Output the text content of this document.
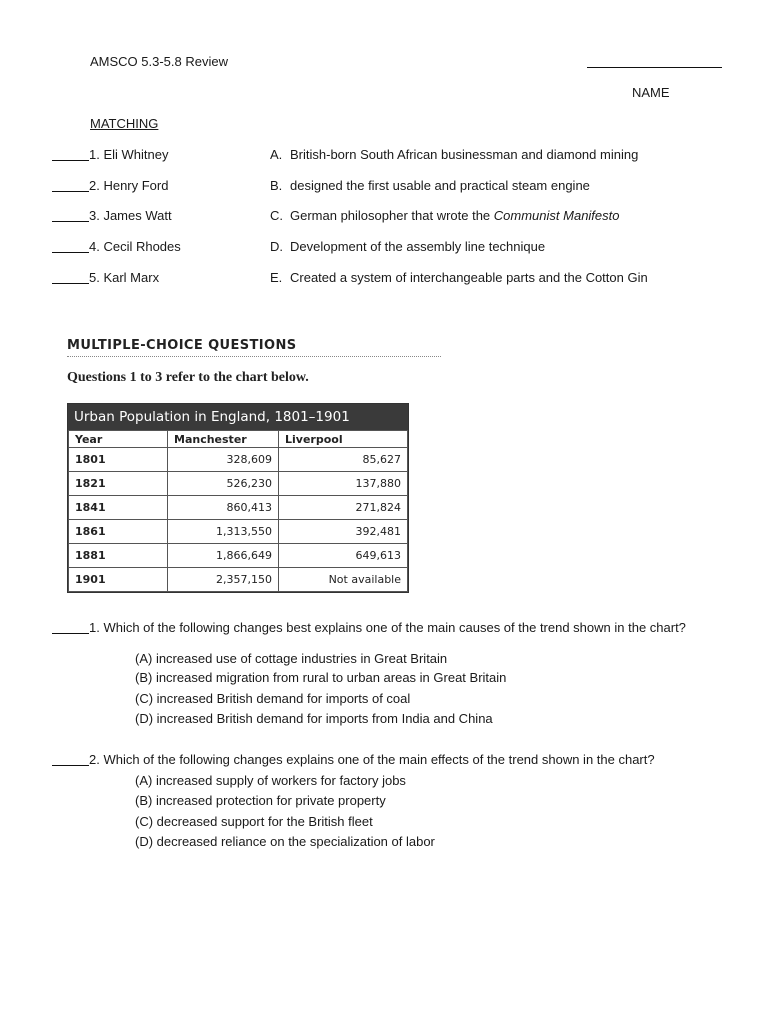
AMSCO 5.3-5.8 Review
NAME
MATCHING
1. Eli Whitney	A. British-born South African businessman and diamond mining
2. Henry Ford	B. designed the first usable and practical steam engine
3. James Watt	C. German philosopher that wrote the Communist Manifesto
4. Cecil Rhodes	D. Development of the assembly line technique
5. Karl Marx	E. Created a system of interchangeable parts and the Cotton Gin
MULTIPLE-CHOICE QUESTIONS
Questions 1 to 3 refer to the chart below.
Urban Population in England, 1801–1901
Year	Manchester	Liverpool
1801	328,609	85,627
1821	526,230	137,880
1841	860,413	271,824
1861	1,313,550	392,481
1881	1,866,649	649,613
1901	2,357,150	Not available
1. Which of the following changes best explains one of the main causes of the trend shown in the chart?
(A) increased use of cottage industries in Great Britain
(B) increased migration from rural to urban areas in Great Britain
(C) increased British demand for imports of coal
(D) increased British demand for imports from India and China
2. Which of the following changes explains one of the main effects of the trend shown in the chart?
(A) increased supply of workers for factory jobs
(B) increased protection for private property
(C) decreased support for the British fleet
(D) decreased reliance on the specialization of labor
